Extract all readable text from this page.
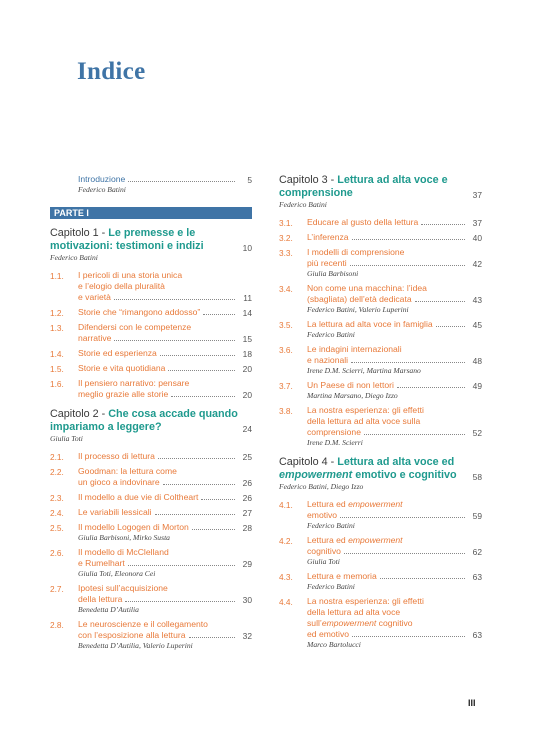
Indice
Introduzione	5
Federico Batini
PARTE I
Capitolo 1 - Le premesse e le motivazioni: testimoni e indizi	10
Federico Batini
1.1.	I pericoli di una storia unica
e l’elogio della pluralità
e varietà	11
1.2.	Storie che “rimangono addosso”	14
1.3.	Difendersi con le competenze
narrative	15
1.4.	Storie ed esperienza	18
1.5.	Storie e vita quotidiana	20
1.6.	Il pensiero narrativo: pensare
meglio grazie alle storie	20
Capitolo 2 - Che cosa accade quando impariamo a leggere?	24
Giulia Toti
2.1.	Il processo di lettura	25
2.2.	Goodman: la lettura come
un gioco a indovinare	26
2.3.	Il modello a due vie di Coltheart	26
2.4.	Le variabili lessicali	27
2.5.	Il modello Logogen di Morton	28
Giulia Barbisoni, Mirko Susta
2.6.	Il modello di McClelland
e Rumelhart	29
Giulia Toti, Eleonora Cei
2.7.	Ipotesi sull’acquisizione
della lettura	30
Benedetta D’Autilia
2.8.	Le neuroscienze e il collegamento
con l’esposizione alla lettura	32
Benedetta D’Autilia, Valerio Luperini
Capitolo 3 - Lettura ad alta voce e comprensione	37
Federico Batini
3.1.	Educare al gusto della lettura	37
3.2.	L’inferenza	40
3.3.	I modelli di comprensione
più recenti	42
Giulia Barbisoni
3.4.	Non come una macchina: l’idea
(sbagliata) dell’età dedicata	43
Federico Batini, Valerio Luperini
3.5.	La lettura ad alta voce in famiglia	45
Federico Batini
3.6.	Le indagini internazionali
e nazionali	48
Irene D.M. Scierri, Martina Marsano
3.7.	Un Paese di non lettori	49
Martina Marsano, Diego Izzo
3.8.	La nostra esperienza: gli effetti
della lettura ad alta voce sulla
comprensione	52
Irene D.M. Scierri
Capitolo 4 - Lettura ad alta voce ed empowerment emotivo e cognitivo	58
Federico Batini, Diego Izzo
4.1.	Lettura ed empowerment
emotivo	59
Federico Batini
4.2.	Lettura ed empowerment
cognitivo	62
Giulia Toti
4.3.	Lettura e memoria	63
Federico Batini
4.4.	La nostra esperienza: gli effetti
della lettura ad alta voce
sull’empowerment cognitivo
ed emotivo	63
Marco Bartolucci
III
